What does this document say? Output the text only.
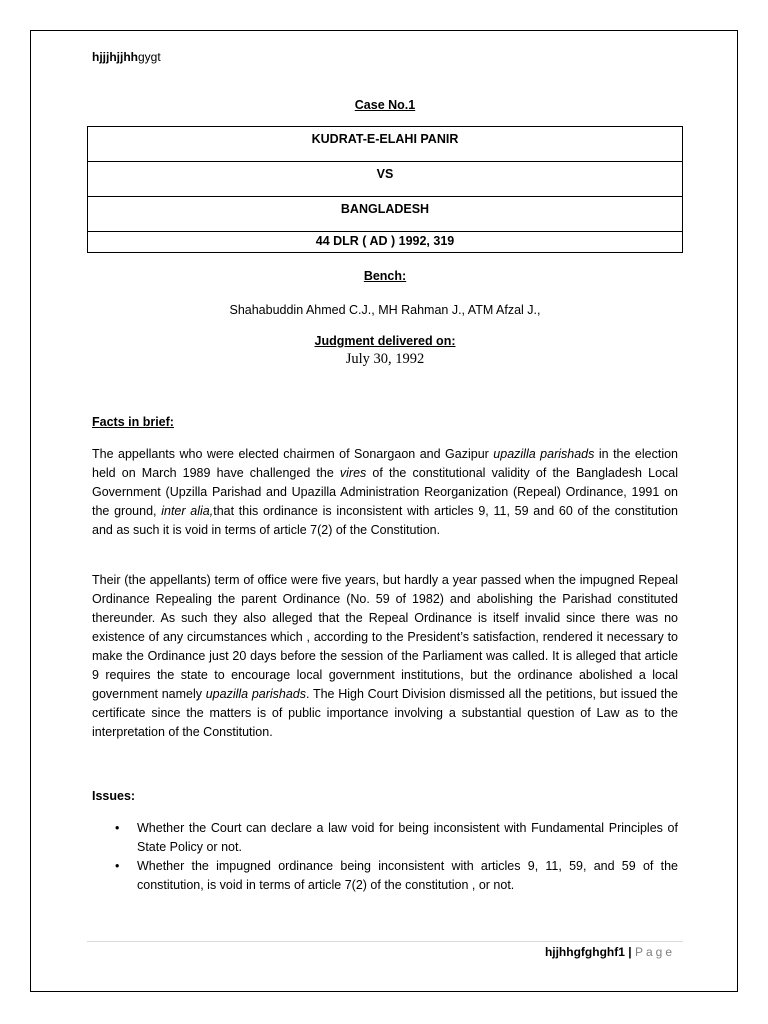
hjjjhjjhhgygt
Case No.1
KUDRAT-E-ELAHI PANIR
VS
BANGLADESH
44 DLR ( AD ) 1992, 319
Bench:
Shahabuddin Ahmed C.J., MH Rahman J., ATM Afzal J.,
Judgment delivered on:
July 30, 1992
Facts in brief:
The appellants who were elected chairmen of Sonargaon and Gazipur upazilla parishads in the election held on March 1989 have challenged the vires of the constitutional validity of the Bangladesh Local Government (Upzilla Parishad and Upazilla Administration Reorganization (Repeal) Ordinance, 1991 on the ground, inter alia,that this ordinance is inconsistent with articles 9, 11, 59 and 60 of the constitution and as such it is void in terms of article 7(2) of the Constitution.
Their (the appellants) term of office were five years, but hardly a year passed when the impugned Repeal Ordinance Repealing the parent Ordinance (No. 59 of 1982) and abolishing the Parishad constituted thereunder. As such they also alleged that the Repeal Ordinance is itself invalid since there was no existence of any circumstances which , according to the President’s satisfaction, rendered it necessary to make the Ordinance just 20 days before the session of the Parliament was called. It is alleged that article 9 requires the state to encourage local government institutions, but the ordinance abolished a local government namely upazilla parishads. The High Court Division dismissed all the petitions, but issued the certificate since the matters is of public importance involving a substantial question of Law as to the interpretation of the Constitution.
Issues:
• Whether the Court can declare a law void for being inconsistent with Fundamental Principles of State Policy or not.
• Whether the impugned ordinance being inconsistent with articles 9, 11, 59, and 59 of the constitution, is void in terms of article 7(2) of the constitution , or not.
hjjhhgfghghf1 | Page
